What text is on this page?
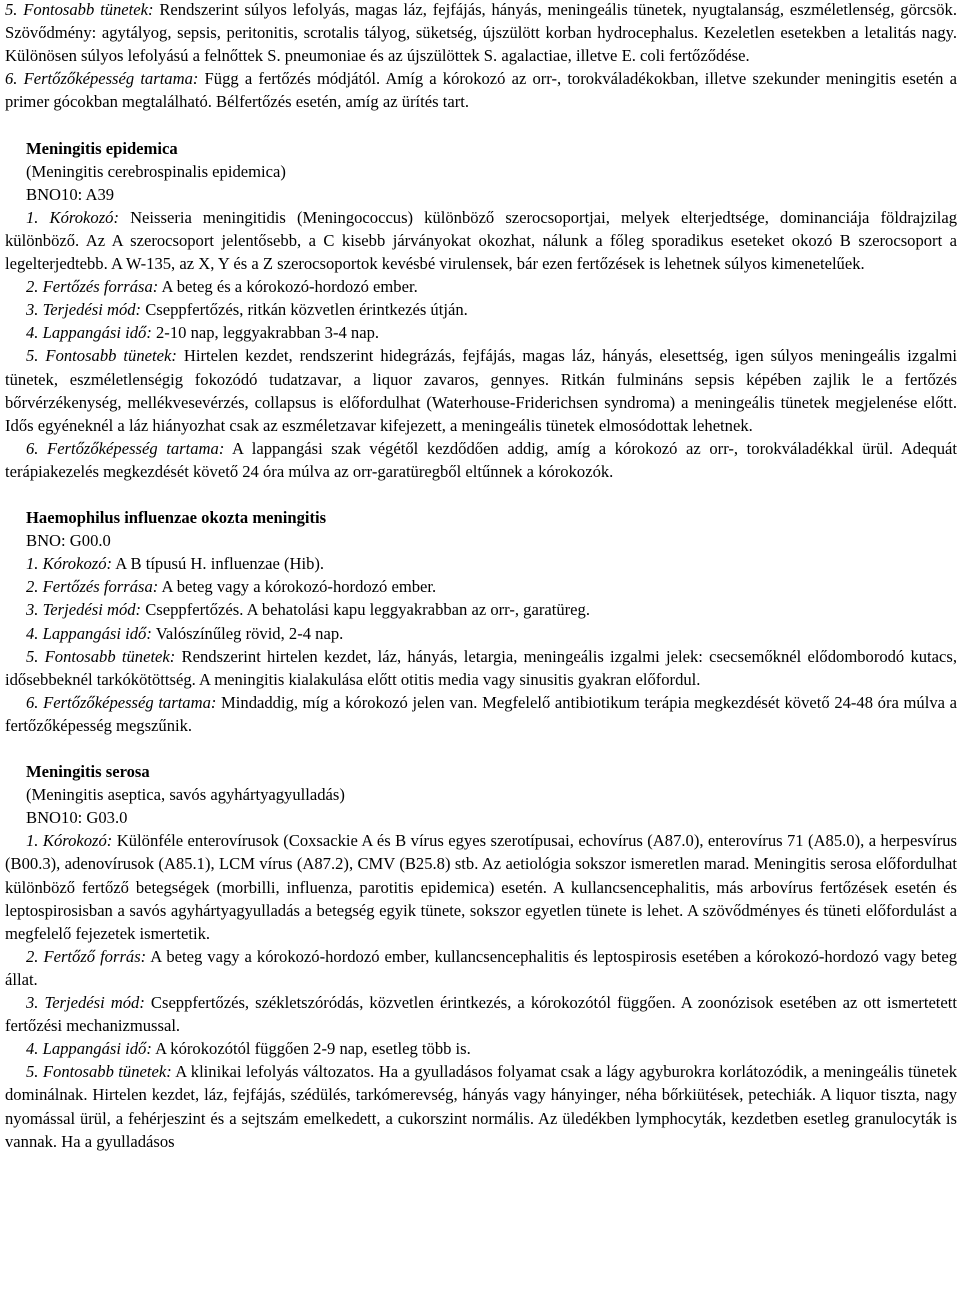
5. Fontosabb tünetek: Rendszerint súlyos lefolyás, magas láz, fejfájás, hányás, meningeális tünetek, nyugtalanság, eszméletlenség, görcsök. Szövődmény: agytályog, sepsis, peritonitis, scrotalis tályog, süketség, újszülött korban hydrocephalus. Kezeletlen esetekben a letalitás nagy. Különösen súlyos lefolyású a felnőttek S. pneumoniae és az újszülöttek S. agalactiae, illetve E. coli fertőződése.

6. Fertőzőképesség tartama: Függ a fertőzés módjától. Amíg a kórokozó az orr-, torokváladékokban, illetve szekunder meningitis esetén a primer gócokban megtalálható. Bélfertőzés esetén, amíg az ürítés tart.

Meningitis epidemica
(Meningitis cerebrospinalis epidemica)
BNO10: A39

1. Kórokozó: Neisseria meningitidis (Meningococcus) különböző szerocsoportjai, melyek elterjedtsége, dominanciája földrajzilag különböző. Az A szerocsoport jelentősebb, a C kisebb járványokat okozhat, nálunk a főleg sporadikus eseteket okozó B szerocsoport a legelterjedtebb. A W-135, az X, Y és a Z szerocsoportok kevésbé virulensek, bár ezen fertőzések is lehetnek súlyos kimenetelűek.

2. Fertőzés forrása: A beteg és a kórokozó-hordozó ember.

3. Terjedési mód: Cseppfertőzés, ritkán közvetlen érintkezés útján.

4. Lappangási idő: 2-10 nap, leggyakrabban 3-4 nap.

5. Fontosabb tünetek: Hirtelen kezdet, rendszerint hidegrázás, fejfájás, magas láz, hányás, elesettség, igen súlyos meningeális izgalmi tünetek, eszméletlenségig fokozódó tudatzavar, a liquor zavaros, gennyes. Ritkán fulmináns sepsis képében zajlik le a fertőzés bőrvérzékenység, mellékvesevérzés, collapsus is előfordulhat (Waterhouse-Friderichsen syndroma) a meningeális tünetek megjelenése előtt. Idős egyéneknél a láz hiányozhat csak az eszméletzavar kifejezett, a meningeális tünetek elmosódottak lehetnek.

6. Fertőzőképesség tartama: A lappangási szak végétől kezdődően addig, amíg a kórokozó az orr-, torokváladékkal ürül. Adequát terápiakezelés megkezdését követő 24 óra múlva az orr-garatüregből eltűnnek a kórokozók.

Haemophilus influenzae okozta meningitis
BNO: G00.0

1. Kórokozó: A B típusú H. influenzae (Hib).

2. Fertőzés forrása: A beteg vagy a kórokozó-hordozó ember.

3. Terjedési mód: Cseppfertőzés. A behatolási kapu leggyakrabban az orr-, garatüreg.

4. Lappangási idő: Valószínűleg rövid, 2-4 nap.

5. Fontosabb tünetek: Rendszerint hirtelen kezdet, láz, hányás, letargia, meningeális izgalmi jelek: csecsemőknél elődomborodó kutacs, idősebbeknél tarkókötöttség. A meningitis kialakulása előtt otitis media vagy sinusitis gyakran előfordul.

6. Fertőzőképesség tartama: Mindaddig, míg a kórokozó jelen van. Megfelelő antibiotikum terápia megkezdését követő 24-48 óra múlva a fertőzőképesség megszűnik.

Meningitis serosa
(Meningitis aseptica, savós agyhártyagyulladás)
BNO10: G03.0

1. Kórokozó: Különféle enterovírusok (Coxsackie A és B vírus egyes szerotípusai, echovírus (A87.0), enterovírus 71 (A85.0), a herpesvírus (B00.3), adenovírusok (A85.1), LCM vírus (A87.2), CMV (B25.8) stb. Az aetiológia sokszor ismeretlen marad. Meningitis serosa előfordulhat különböző fertőző betegségek (morbilli, influenza, parotitis epidemica) esetén. A kullancsencephalitis, más arbovírus fertőzések esetén és leptospirosisban a savós agyhártyagyulladás a betegség egyik tünete, sokszor egyetlen tünete is lehet. A szövődményes és tüneti előfordulást a megfelelő fejezetek ismertetik.

2. Fertőző forrás: A beteg vagy a kórokozó-hordozó ember, kullancsencephalitis és leptospirosis esetében a kórokozó-hordozó vagy beteg állat.

3. Terjedési mód: Cseppfertőzés, székletszóródás, közvetlen érintkezés, a kórokozótól függően. A zoonózisok esetében az ott ismertetett fertőzési mechanizmussal.

4. Lappangási idő: A kórokozótól függően 2-9 nap, esetleg több is.

5. Fontosabb tünetek: A klinikai lefolyás változatos. Ha a gyulladásos folyamat csak a lágy agyburokra korlátozódik, a meningeális tünetek dominálnak. Hirtelen kezdet, láz, fejfájás, szédülés, tarkómerevség, hányás vagy hányinger, néha bőrkiütések, petechiák. A liquor tiszta, nagy nyomással ürül, a fehérjeszint és a sejtszám emelkedett, a cukorszint normális. Az üledékben lymphocyták, kezdetben esetleg granulocyták is vannak. Ha a gyulladásos
